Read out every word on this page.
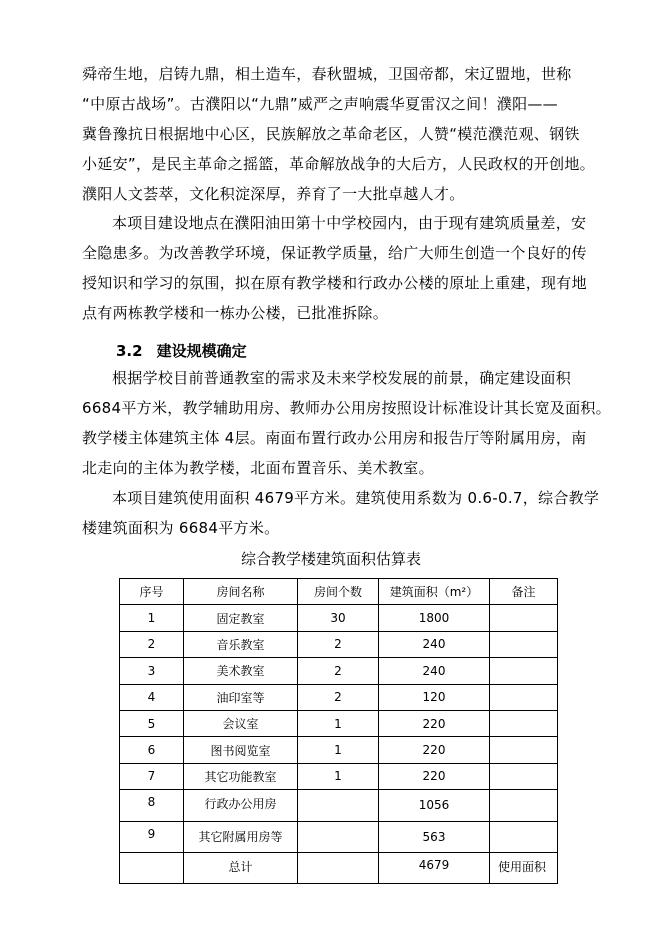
舜帝生地，启铸九鼎，相土造车，春秋盟城，卫国帝都，宋辽盟地，世称
“中原古战场”。古濮阳以“九鼎”威严之声响震华夏雷汉之间！濮阳——
冀鲁豫抗日根据地中心区，民族解放之革命老区，人赞“模范濮范观、钢铁
小延安”，是民主革命之摇篮，革命解放战争的大后方，人民政权的开创地。
濮阳人文荟萃，文化积淀深厚，养育了一大批卓越人才。
本项目建设地点在濮阳油田第十中学校园内，由于现有建筑质量差，安
全隐患多。为改善教学环境，保证教学质量，给广大师生创造一个良好的传
授知识和学习的氛围，拟在原有教学楼和行政办公楼的原址上重建，现有地
点有两栋教学楼和一栋办公楼，已批准拆除。
3.2 建设规模确定
根据学校目前普通教室的需求及未来学校发展的前景，确定建设面积
6684平方米，教学辅助用房、教师办公用房按照设计标准设计其长宽及面积。
教学楼主体建筑主体 4层。南面布置行政办公用房和报告厅等附属用房，南
北走向的主体为教学楼，北面布置音乐、美术教室。
本项目建筑使用面积 4679平方米。建筑使用系数为 0.6-0.7，综合教学
楼建筑面积为 6684平方米。
综合教学楼建筑面积估算表
序号	房间名称	房间个数	建筑面积（m²）	备注
1	固定教室	30	1800	
2	音乐教室	2	240	
3	美术教室	2	240	
4	油印室等	2	120	
5	会议室	1	220	
6	图书阅览室	1	220	
7	其它功能教室	1	220	
8	行政办公用房		1056	
9	其它附属用房等		563	
	总计		4679	使用面积
